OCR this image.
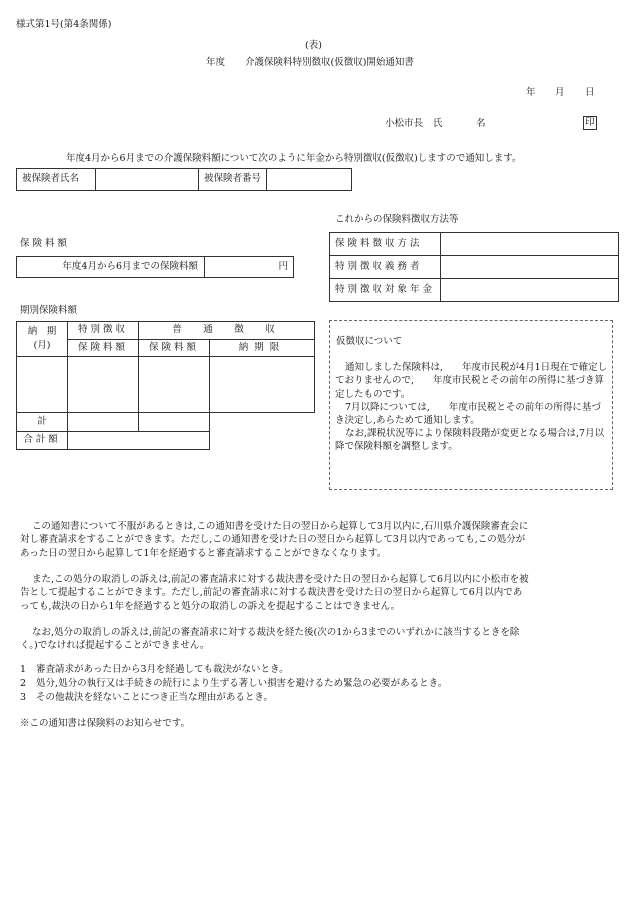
様式第1号(第4条関係)
(表)
年度 介護保険料特別徴収(仮徴収)開始通知書
年 月 日
小松市長 氏	名	印
年度4月から6月までの介護保険料額について次のように年金から特別徴収(仮徴収)しますので通知します。
被保険者氏名		被保険者番号	
保険料額
年度4月から6月までの保険料額	円
これからの保険料徴収方法等
保険料徴収方法	
特別徴収義務者	
特別徴収対象年金	
期別保険料額
納　期
(月)	特別徴収	普　通　徴　収	
	保険料額	保険料額	納期限

計			
合計額			
仮徴収について
通知しました保険料は,　　年度市民税が4月1日現在で確定しておりませんので,　　年度市民税とその前年の所得に基づき算定したものです。
7月以降については,　　年度市民税とその前年の所得に基づき決定し,あらためて通知します。
なお,課税状況等により保険料段階が変更となる場合は,7月以降で保険料額を調整します。
この通知書について不服があるときは,この通知書を受けた日の翌日から起算して3月以内に,石川県介護保険審査会に対し審査請求をすることができます。ただし,この通知書を受けた日の翌日から起算して3月以内であっても,この処分があった日の翌日から起算して1年を経過すると審査請求することができなくなります。
また,この処分の取消しの訴えは,前記の審査請求に対する裁決書を受けた日の翌日から起算して6月以内に小松市を被告として提起することができます。ただし,前記の審査請求に対する裁決書を受けた日の翌日から起算して6月以内であっても,裁決の日から1年を経過すると処分の取消しの訴えを提起することはできません。
なお,処分の取消しの訴えは,前記の審査請求に対する裁決を経た後(次の1から3までのいずれかに該当するときを除く。)でなければ提起することができません。
1 審査請求があった日から3月を経過しても裁決がないとき。
2 処分,処分の執行又は手続きの続行により生ずる著しい損害を避けるため緊急の必要があるとき。
3 その他裁決を経ないことにつき正当な理由があるとき。
※この通知書は保険料のお知らせです。
